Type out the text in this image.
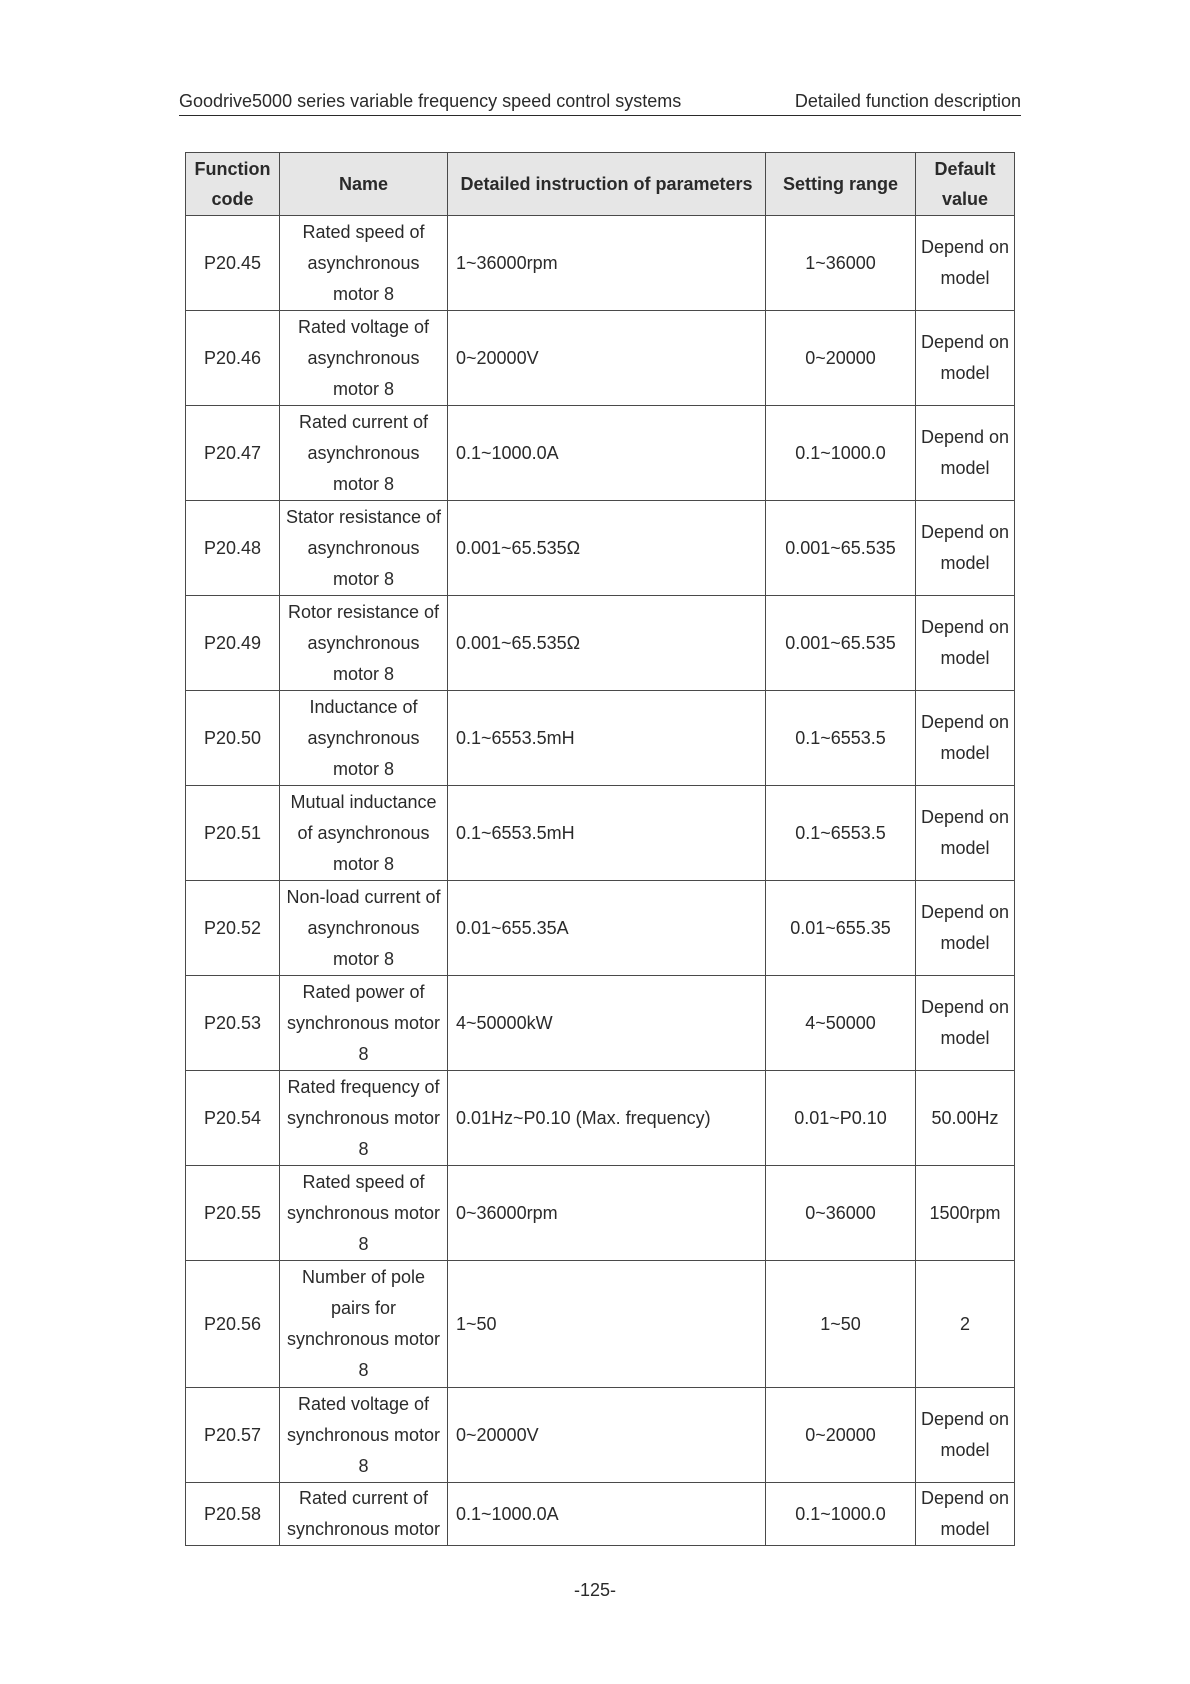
Goodrive5000 series variable frequency speed control systems	Detailed function description
Function code	Name	Detailed instruction of parameters	Setting range	Default value
P20.45	Rated speed of asynchronous motor 8	1~36000rpm	1~36000	Depend on model
P20.46	Rated voltage of asynchronous motor 8	0~20000V	0~20000	Depend on model
P20.47	Rated current of asynchronous motor 8	0.1~1000.0A	0.1~1000.0	Depend on model
P20.48	Stator resistance of asynchronous motor 8	0.001~65.535Ω	0.001~65.535	Depend on model
P20.49	Rotor resistance of asynchronous motor 8	0.001~65.535Ω	0.001~65.535	Depend on model
P20.50	Inductance of asynchronous motor 8	0.1~6553.5mH	0.1~6553.5	Depend on model
P20.51	Mutual inductance of asynchronous motor 8	0.1~6553.5mH	0.1~6553.5	Depend on model
P20.52	Non-load current of asynchronous motor 8	0.01~655.35A	0.01~655.35	Depend on model
P20.53	Rated power of synchronous motor 8	4~50000kW	4~50000	Depend on model
P20.54	Rated frequency of synchronous motor 8	0.01Hz~P0.10 (Max. frequency)	0.01~P0.10	50.00Hz
P20.55	Rated speed of synchronous motor 8	0~36000rpm	0~36000	1500rpm
P20.56	Number of pole pairs for synchronous motor 8	1~50	1~50	2
P20.57	Rated voltage of synchronous motor 8	0~20000V	0~20000	Depend on model
P20.58	Rated current of synchronous motor	0.1~1000.0A	0.1~1000.0	Depend on model
-125-
